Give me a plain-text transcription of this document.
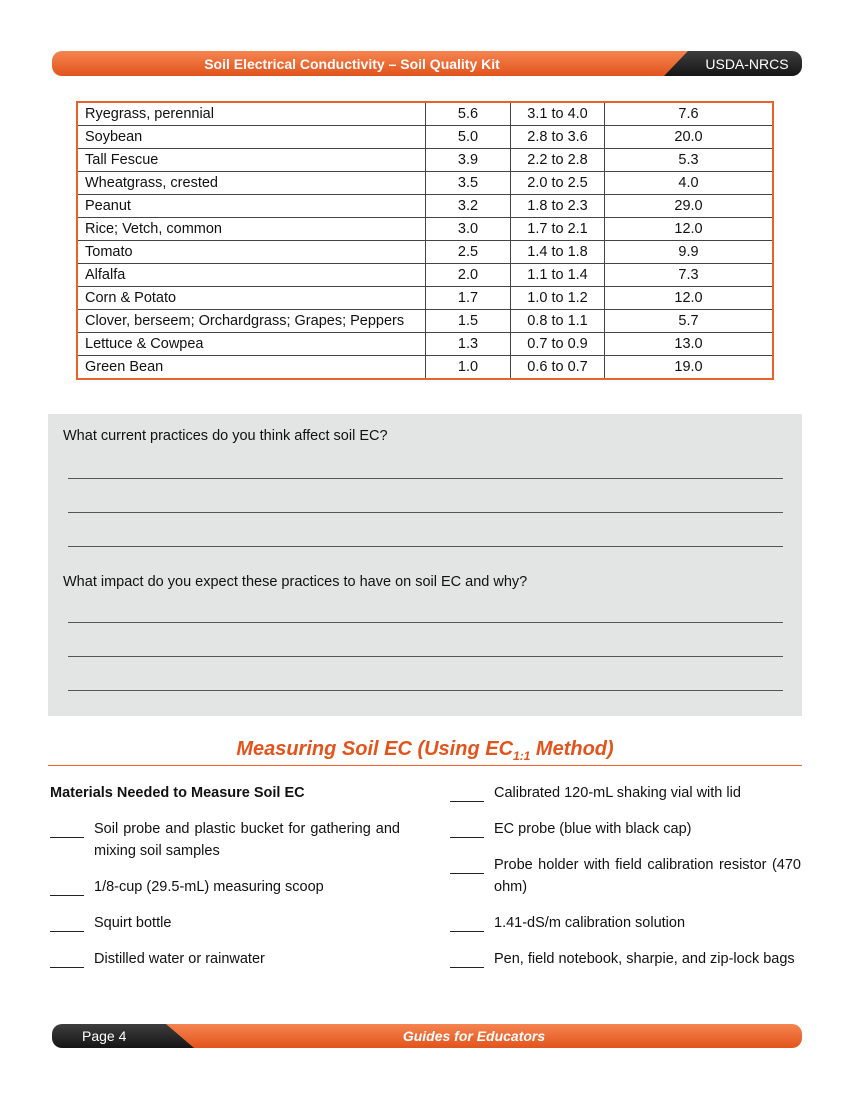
Soil Electrical Conductivity – Soil Quality Kit	USDA-NRCS
Ryegrass, perennial	5.6	3.1 to 4.0	7.6
Soybean	5.0	2.8 to 3.6	20.0
Tall Fescue	3.9	2.2 to 2.8	5.3
Wheatgrass, crested	3.5	2.0 to 2.5	4.0
Peanut	3.2	1.8 to 2.3	29.0
Rice; Vetch, common	3.0	1.7 to 2.1	12.0
Tomato	2.5	1.4 to 1.8	9.9
Alfalfa	2.0	1.1 to 1.4	7.3
Corn & Potato	1.7	1.0 to 1.2	12.0
Clover, berseem; Orchardgrass; Grapes; Peppers	1.5	0.8 to 1.1	5.7
Lettuce & Cowpea	1.3	0.7 to 0.9	13.0
Green Bean	1.0	0.6 to 0.7	19.0
What current practices do you think affect soil EC?
What impact do you expect these practices to have on soil EC and why?
Measuring Soil EC (Using $EC_{1:1}$ Method)
Materials Needed to Measure Soil EC
Soil probe and plastic bucket for gathering and mixing soil samples
1/8-cup (29.5-mL) measuring scoop
Squirt bottle
Distilled water or rainwater
Calibrated 120-mL shaking vial with lid
EC probe (blue with black cap)
Probe holder with field calibration resistor (470 ohm)
1.41-dS/m calibration solution
Pen, field notebook, sharpie, and zip-lock bags
Page 4	Guides for Educators
